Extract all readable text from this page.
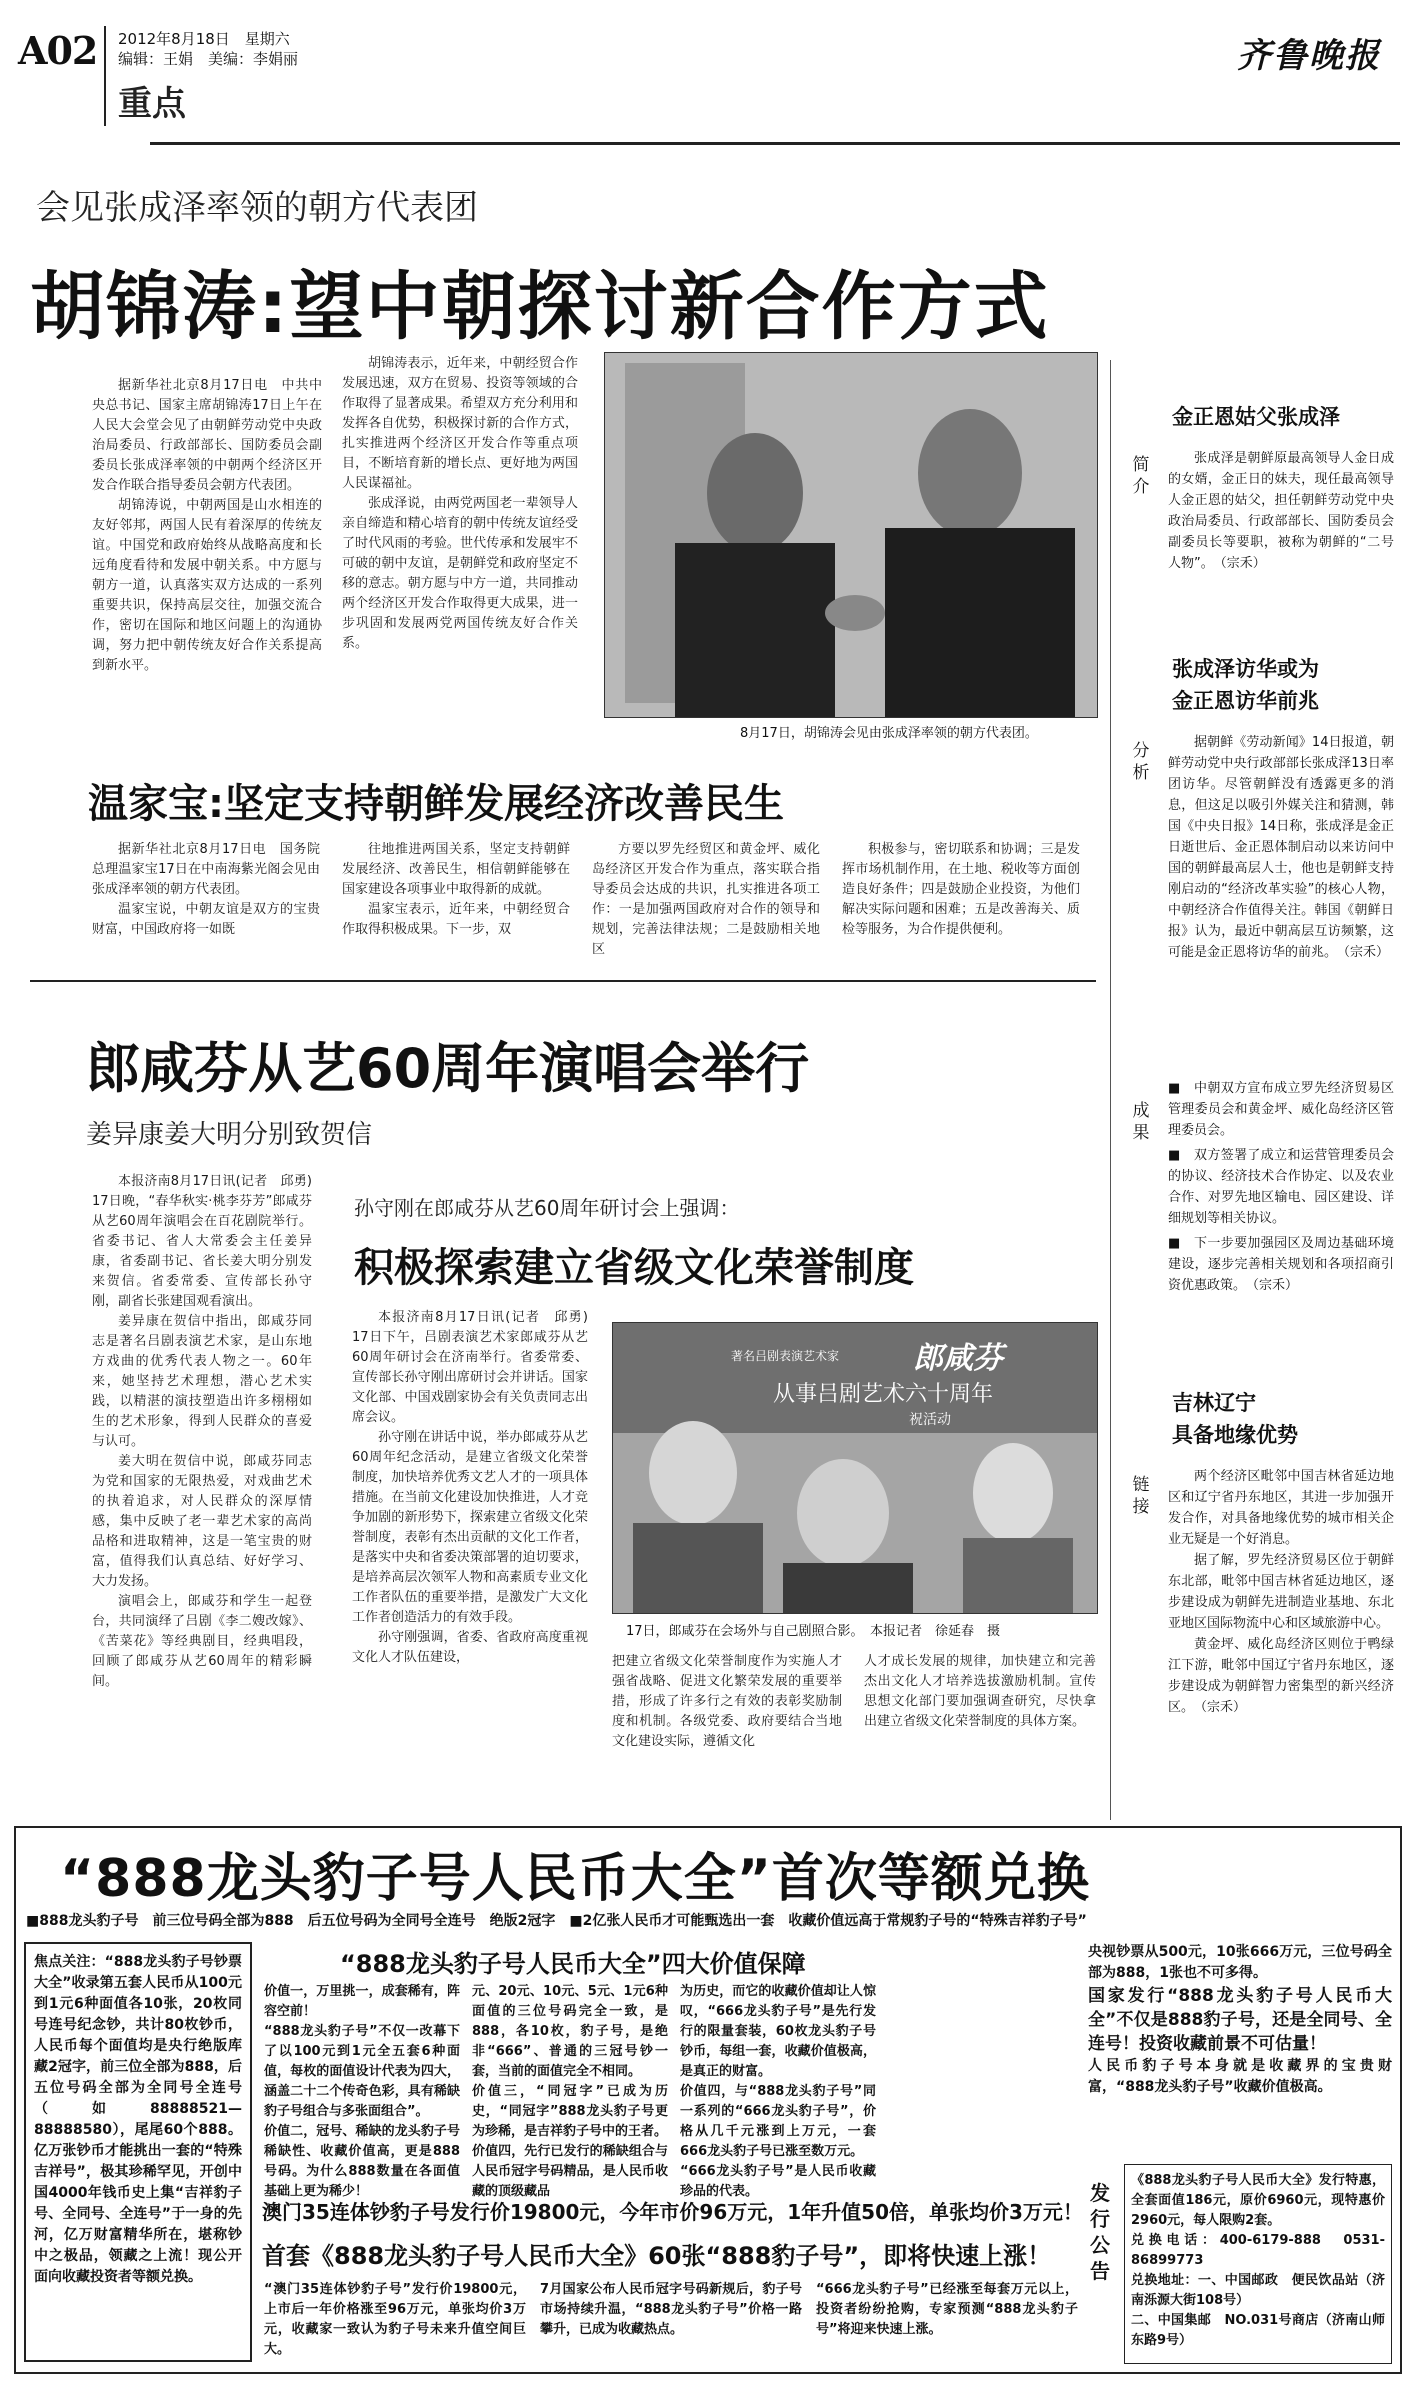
A02 2012年8月18日　星期六
编辑：王娟　美编：李娟丽
重点
齐鲁晚报
会见张成泽率领的朝方代表团
胡锦涛:望中朝探讨新合作方式

据新华社北京8月17日电　中共中央总书记、国家主席胡锦涛17日上午在人民大会堂会见了由朝鲜劳动党中央政治局委员、行政部部长、国防委员会副委员长张成泽率领的中朝两个经济区开发合作联合指导委员会朝方代表团。

胡锦涛说，中朝两国是山水相连的友好邻邦，两国人民有着深厚的传统友谊。中国党和政府始终从战略高度和长远角度看待和发展中朝关系。中方愿与朝方一道，认真落实双方达成的一系列重要共识，保持高层交往，加强交流合作，密切在国际和地区问题上的沟通协调，努力把中朝传统友好合作关系提高到新水平。

胡锦涛表示，近年来，中朝经贸合作发展迅速，双方在贸易、投资等领域的合作取得了显著成果。希望双方充分利用和发挥各自优势，积极探讨新的合作方式，扎实推进两个经济区开发合作等重点项目，不断培育新的增长点、更好地为两国人民谋福祉。

张成泽说，由两党两国老一辈领导人亲自缔造和精心培育的朝中传统友谊经受了时代风雨的考验。世代传承和发展牢不可破的朝中友谊，是朝鲜党和政府坚定不移的意志。朝方愿与中方一道，共同推动两个经济区开发合作取得更大成果，进一步巩固和发展两党两国传统友好合作关系。

8月17日，胡锦涛会见由张成泽率领的朝方代表团。
温家宝:坚定支持朝鲜发展经济改善民生

据新华社北京8月17日电　国务院总理温家宝17日在中南海紫光阁会见由张成泽率领的朝方代表团。

温家宝说，中朝友谊是双方的宝贵财富，中国政府将一如既

往地推进两国关系，坚定支持朝鲜发展经济、改善民生，相信朝鲜能够在国家建设各项事业中取得新的成就。

温家宝表示，近年来，中朝经贸合作取得积极成果。下一步，双

方要以罗先经贸区和黄金坪、威化岛经济区开发合作为重点，落实联合指导委员会达成的共识，扎实推进各项工作：一是加强两国政府对合作的领导和规划，完善法律法规；二是鼓励相关地区

积极参与，密切联系和协调；三是发挥市场机制作用，在土地、税收等方面创造良好条件；四是鼓励企业投资，为他们解决实际问题和困难；五是改善海关、质检等服务，为合作提供便利。

金正恩姑父张成泽
简介

张成泽是朝鲜原最高领导人金日成的女婿，金正日的妹夫，现任最高领导人金正恩的姑父，担任朝鲜劳动党中央政治局委员、行政部部长、国防委员会副委员长等要职，被称为朝鲜的“二号人物”。　（宗禾）

张成泽访华或为
金正恩访华前兆
分析

据朝鲜《劳动新闻》14日报道，朝鲜劳动党中央行政部部长张成泽13日率团访华。尽管朝鲜没有透露更多的消息，但这足以吸引外媒关注和猜测，韩国《中央日报》14日称，张成泽是金正日逝世后、金正恩体制启动以来访问中国的朝鲜最高层人士，他也是朝鲜支持刚启动的“经济改革实验”的核心人物，中朝经济合作值得关注。韩国《朝鲜日报》认为，最近中朝高层互访频繁，这可能是金正恩将访华的前兆。　（宗禾）

成果

■　中朝双方宣布成立罗先经济贸易区管理委员会和黄金坪、威化岛经济区管理委员会。

■　双方签署了成立和运营管理委员会的协议、经济技术合作协定、以及农业合作、对罗先地区输电、园区建设、详细规划等相关协议。

■　下一步要加强园区及周边基础环境建设，逐步完善相关规划和各项招商引资优惠政策。　（宗禾）

吉林辽宁
具备地缘优势
链接

两个经济区毗邻中国吉林省延边地区和辽宁省丹东地区，其进一步加强开发合作，对具备地缘优势的城市相关企业无疑是一个好消息。

据了解，罗先经济贸易区位于朝鲜东北部，毗邻中国吉林省延边地区，逐步建设成为朝鲜先进制造业基地、东北亚地区国际物流中心和区域旅游中心。

黄金坪、威化岛经济区则位于鸭绿江下游，毗邻中国辽宁省丹东地区，逐步建设成为朝鲜智力密集型的新兴经济区。　（宗禾）

郎咸芬从艺60周年演唱会举行
姜异康姜大明分别致贺信

本报济南8月17日讯(记者　邱勇)　17日晚，“春华秋实·桃李芬芳”郎咸芬从艺60周年演唱会在百花剧院举行。省委书记、省人大常委会主任姜异康，省委副书记、省长姜大明分别发来贺信。省委常委、宣传部长孙守刚，副省长张建国观看演出。

姜异康在贺信中指出，郎咸芬同志是著名吕剧表演艺术家，是山东地方戏曲的优秀代表人物之一。60年来，她坚持艺术理想，潜心艺术实践，以精湛的演技塑造出许多栩栩如生的艺术形象，得到人民群众的喜爱与认可。

姜大明在贺信中说，郎咸芬同志为党和国家的无限热爱，对戏曲艺术的执着追求，对人民群众的深厚情感，集中反映了老一辈艺术家的高尚品格和进取精神，这是一笔宝贵的财富，值得我们认真总结、好好学习、大力发扬。

演唱会上，郎咸芬和学生一起登台，共同演绎了吕剧《李二嫂改嫁》、《苦菜花》等经典剧目，经典唱段，回顾了郎咸芬从艺60周年的精彩瞬间。

孙守刚在郎咸芬从艺60周年研讨会上强调：
积极探索建立省级文化荣誉制度

本报济南8月17日讯(记者　邱勇)　17日下午，吕剧表演艺术家郎咸芬从艺60周年研讨会在济南举行。省委常委、宣传部长孙守刚出席研讨会并讲话。国家文化部、中国戏剧家协会有关负责同志出席会议。

孙守刚在讲话中说，举办郎咸芬从艺60周年纪念活动，是建立省级文化荣誉制度，加快培养优秀文艺人才的一项具体措施。在当前文化建设加快推进，人才竞争加剧的新形势下，探索建立省级文化荣誉制度，表彰有杰出贡献的文化工作者，是落实中央和省委决策部署的迫切要求，是培养高层次领军人物和高素质专业文化工作者队伍的重要举措，是激发广大文化工作者创造活力的有效手段。

孙守刚强调，省委、省政府高度重视文化人才队伍建设，

著名吕剧表演艺术家 郎咸芬
从事吕剧艺术六十周年
祝活动
17日，郎咸芬在会场外与自己剧照合影。　本报记者　徐延春　摄

把建立省级文化荣誉制度作为实施人才强省战略、促进文化繁荣发展的重要举措，形成了许多行之有效的表彰奖励制度和机制。各级党委、政府要结合当地文化建设实际，遵循文化

人才成长发展的规律，加快建立和完善杰出文化人才培养选拔激励机制。宣传思想文化部门要加强调查研究，尽快拿出建立省级文化荣誉制度的具体方案。

“888龙头豹子号人民币大全”首次等额兑换
■888龙头豹子号　前三位号码全部为888　后五位号码为全同号全连号　绝版2冠字　■2亿张人民币才可能甄选出一套　收藏价值远高于常规豹子号的“特殊吉祥豹子号”

焦点关注：“888龙头豹子号钞票大全”收录第五套人民币从100元到1元6种面值各10张，20枚同号连号纪念钞，共计80枚钞币，人民币每个面值均是央行绝版库藏2冠字，前三位全部为888，后五位号码全部为全同号全连号（如88888521—88888580），尾尾60个888。亿万张钞币才能挑出一套的“特殊吉祥号”，极其珍稀罕见，开创中国4000年钱币史上集“吉祥豹子号、全同号、全连号”于一身的先河，亿万财富精华所在，堪称钞中之极品，领藏之上流！现公开面向收藏投资者等额兑换。

“888龙头豹子号人民币大全”四大价值保障

价值一，万里挑一，成套稀有，阵容空前！

“888龙头豹子号”不仅一改幕下了以100元到1元全五套6种面值，每枚的面值设计代表为四大，涵盖二十二个传奇色彩，具有稀缺豹子号组合与多张面组合”。

价值二，冠号、稀缺的龙头豹子号稀缺性、收藏价值高，更是888号码。为什么888数量在各面值基础上更为稀少！

元、20元、10元、5元、1元6种面值的三位号码完全一致，是888，各10枚，豹子号，是绝非“666”、普通的三冠号钞一套，当前的面值完全不相同。

价值三，“同冠字”已成为历史，“同冠字”888龙头豹子号更为珍稀，是吉祥豹子号中的王者。

价值四，先行已发行的稀缺组合与人民币冠字号码精品，是人民币收藏的顶级藏品

为历史，而它的收藏价值却让人惊叹，“666龙头豹子号”是先行发行的限量套装，60枚龙头豹子号钞币，每组一套，收藏价值极高，是真正的财富。

价值四，与“888龙头豹子号”同一系列的“666龙头豹子号”，价格从几千元涨到上万元，一套666龙头豹子号已涨至数万元。

“666龙头豹子号”是人民币收藏珍品的代表。

央视钞票从500元，10张666万元，三位号码全部为888，1张也不可多得。

国家发行“888龙头豹子号人民币大全”不仅是888豹子号，还是全同号、全连号！投资收藏前景不可估量！

人民币豹子号本身就是收藏界的宝贵财富，“888龙头豹子号”收藏价值极高。

发行公告

《888龙头豹子号人民币大全》发行特惠，全套面值186元，原价6960元，现特惠价2960元，每人限购2套。

兑换电话：400-6179-888　0531-86899773

兑换地址：一、中国邮政　便民饮品站（济南泺源大街108号）

二、中国集邮　NO.031号商店（济南山师东路9号）

澳门35连体钞豹子号发行价19800元，今年市价96万元，1年升值50倍，单张均价3万元！
首套《888龙头豹子号人民币大全》60张“888豹子号”，即将快速上涨！

“澳门35连体钞豹子号”发行价19800元，上市后一年价格涨至96万元，单张均价3万元，收藏家一致认为豹子号未来升值空间巨大。

7月国家公布人民币冠字号码新规后，豹子号市场持续升温，“888龙头豹子号”价格一路攀升，已成为收藏热点。

“666龙头豹子号”已经涨至每套万元以上，投资者纷纷抢购，专家预测“888龙头豹子号”将迎来快速上涨。
